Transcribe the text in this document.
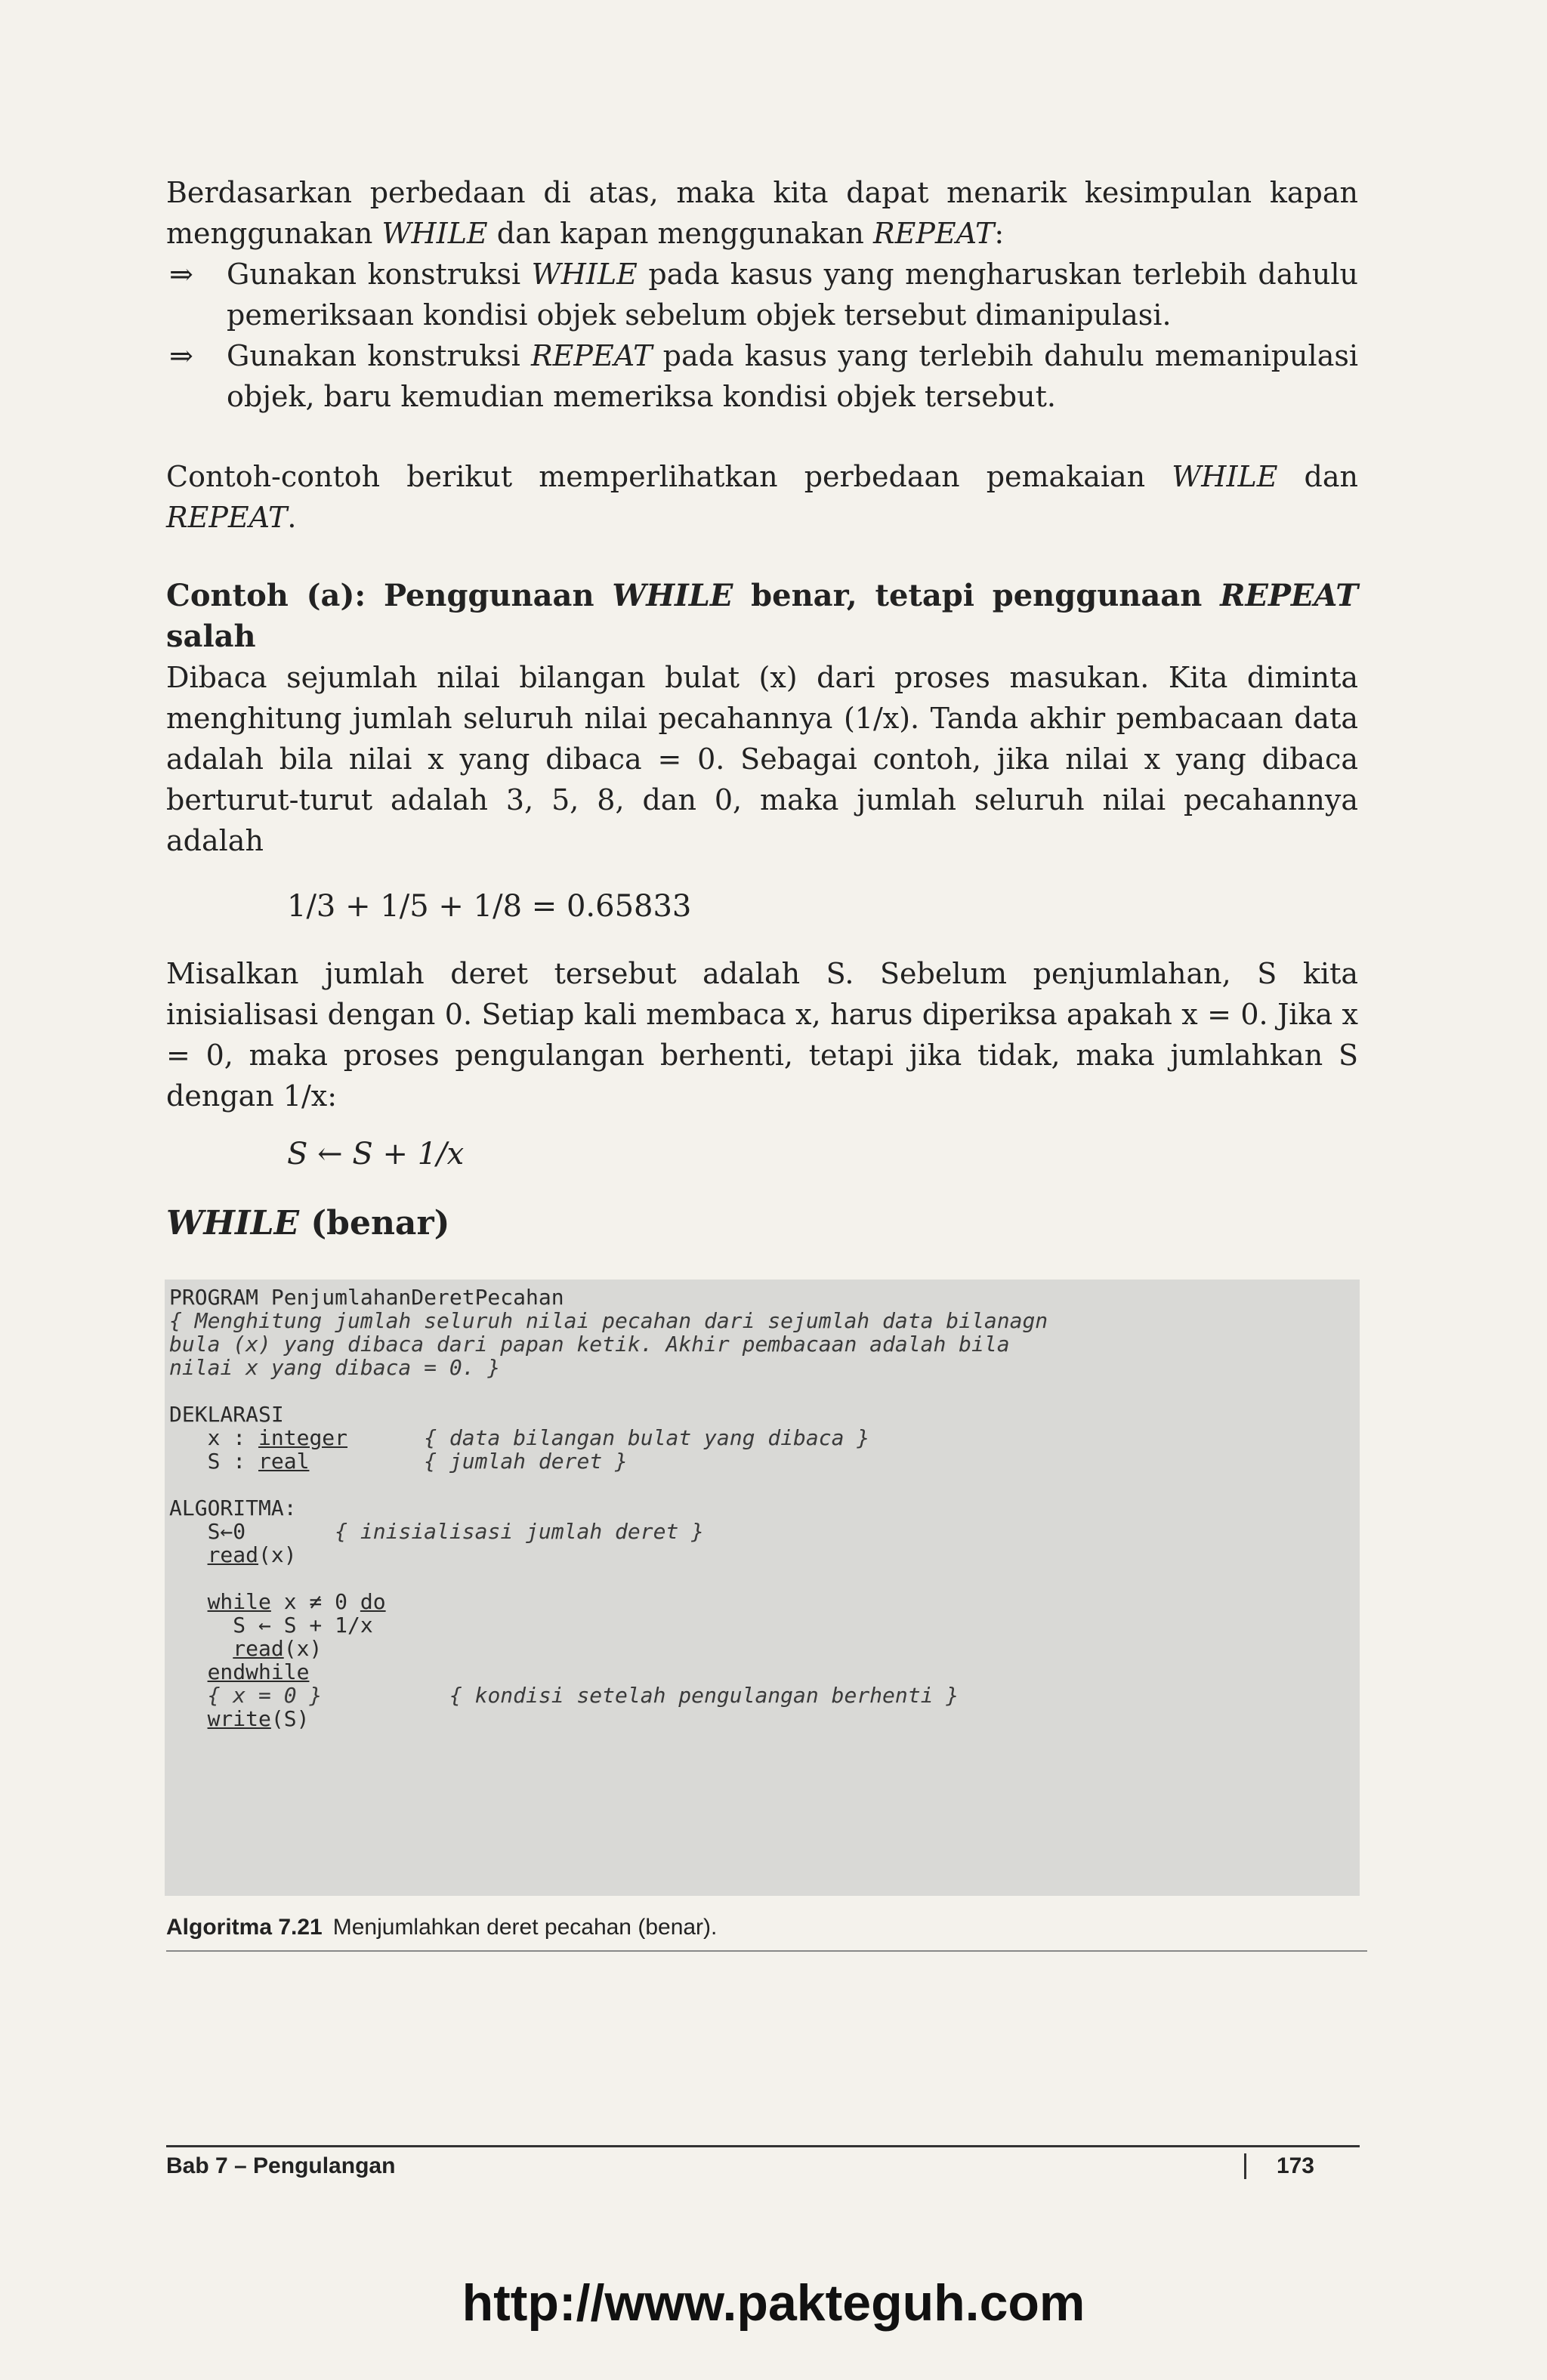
Berdasarkan perbedaan di atas, maka kita dapat menarik kesimpulan kapan menggunakan WHILE dan kapan menggunakan REPEAT:

⇒ Gunakan konstruksi WHILE pada kasus yang mengharuskan terlebih dahulu pemeriksaan kondisi objek sebelum objek tersebut dimanipulasi.
⇒ Gunakan konstruksi REPEAT pada kasus yang terlebih dahulu memanipulasi objek, baru kemudian memeriksa kondisi objek tersebut.

Contoh-contoh berikut memperlihatkan perbedaan pemakaian WHILE dan REPEAT.

Contoh (a): Penggunaan WHILE benar, tetapi penggunaan REPEAT salah

Dibaca sejumlah nilai bilangan bulat (x) dari proses masukan. Kita diminta menghitung jumlah seluruh nilai pecahannya (1/x). Tanda akhir pembacaan data adalah bila nilai x yang dibaca = 0. Sebagai contoh, jika nilai x yang dibaca berturut-turut adalah 3, 5, 8, dan 0, maka jumlah seluruh nilai pecahannya adalah

1/3 + 1/5 + 1/8 = 0.65833

Misalkan jumlah deret tersebut adalah S. Sebelum penjumlahan, S kita inisialisasi dengan 0. Setiap kali membaca x, harus diperiksa apakah x = 0. Jika x = 0, maka proses pengulangan berhenti, tetapi jika tidak, maka jumlahkan S dengan 1/x:

S ← S + 1/x
WHILE (benar)
PROGRAM PenjumlahanDeretPecahan
{ Menghitung jumlah seluruh nilai pecahan dari sejumlah data bilanagn
bula (x) yang dibaca dari papan ketik. Akhir pembacaan adalah bila
nilai x yang dibaca = 0. }
DEKLARASI
x : integer	{ data bilangan bulat yang dibaca }
S : real	{ jumlah deret }
ALGORITMA:
S←0	{ inisialisasi jumlah deret }
read(x)
while x ≠ 0 do
S ← S + 1/x
read(x)
endwhile
{ x = 0 }	{ kondisi setelah pengulangan berhenti }
write(S)
Algoritma 7.21 Menjumlahkan deret pecahan (benar).
Bab 7 – Pengulangan	173
http://www.pakteguh.com
